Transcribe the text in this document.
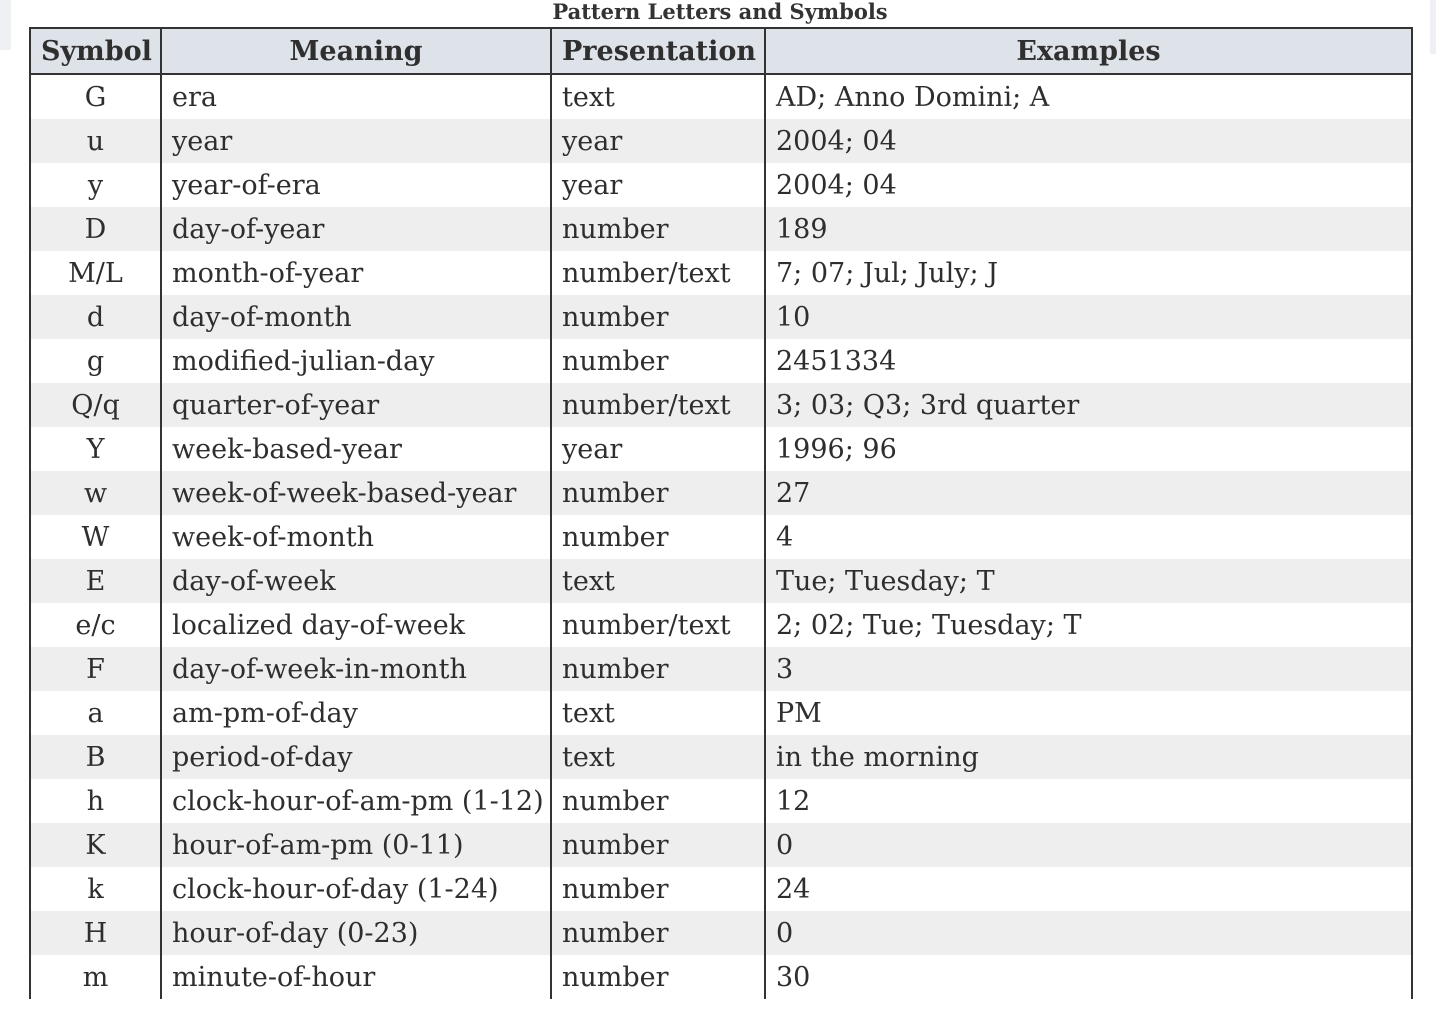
Pattern Letters and Symbols
Symbol	Meaning	Presentation	Examples
G	era	text	AD; Anno Domini; A
u	year	year	2004; 04
y	year-of-era	year	2004; 04
D	day-of-year	number	189
M/L	month-of-year	number/text	7; 07; Jul; July; J
d	day-of-month	number	10
g	modified-julian-day	number	2451334
Q/q	quarter-of-year	number/text	3; 03; Q3; 3rd quarter
Y	week-based-year	year	1996; 96
w	week-of-week-based-year	number	27
W	week-of-month	number	4
E	day-of-week	text	Tue; Tuesday; T
e/c	localized day-of-week	number/text	2; 02; Tue; Tuesday; T
F	day-of-week-in-month	number	3
a	am-pm-of-day	text	PM
B	period-of-day	text	in the morning
h	clock-hour-of-am-pm (1-12)	number	12
K	hour-of-am-pm (0-11)	number	0
k	clock-hour-of-day (1-24)	number	24
H	hour-of-day (0-23)	number	0
m	minute-of-hour	number	30
